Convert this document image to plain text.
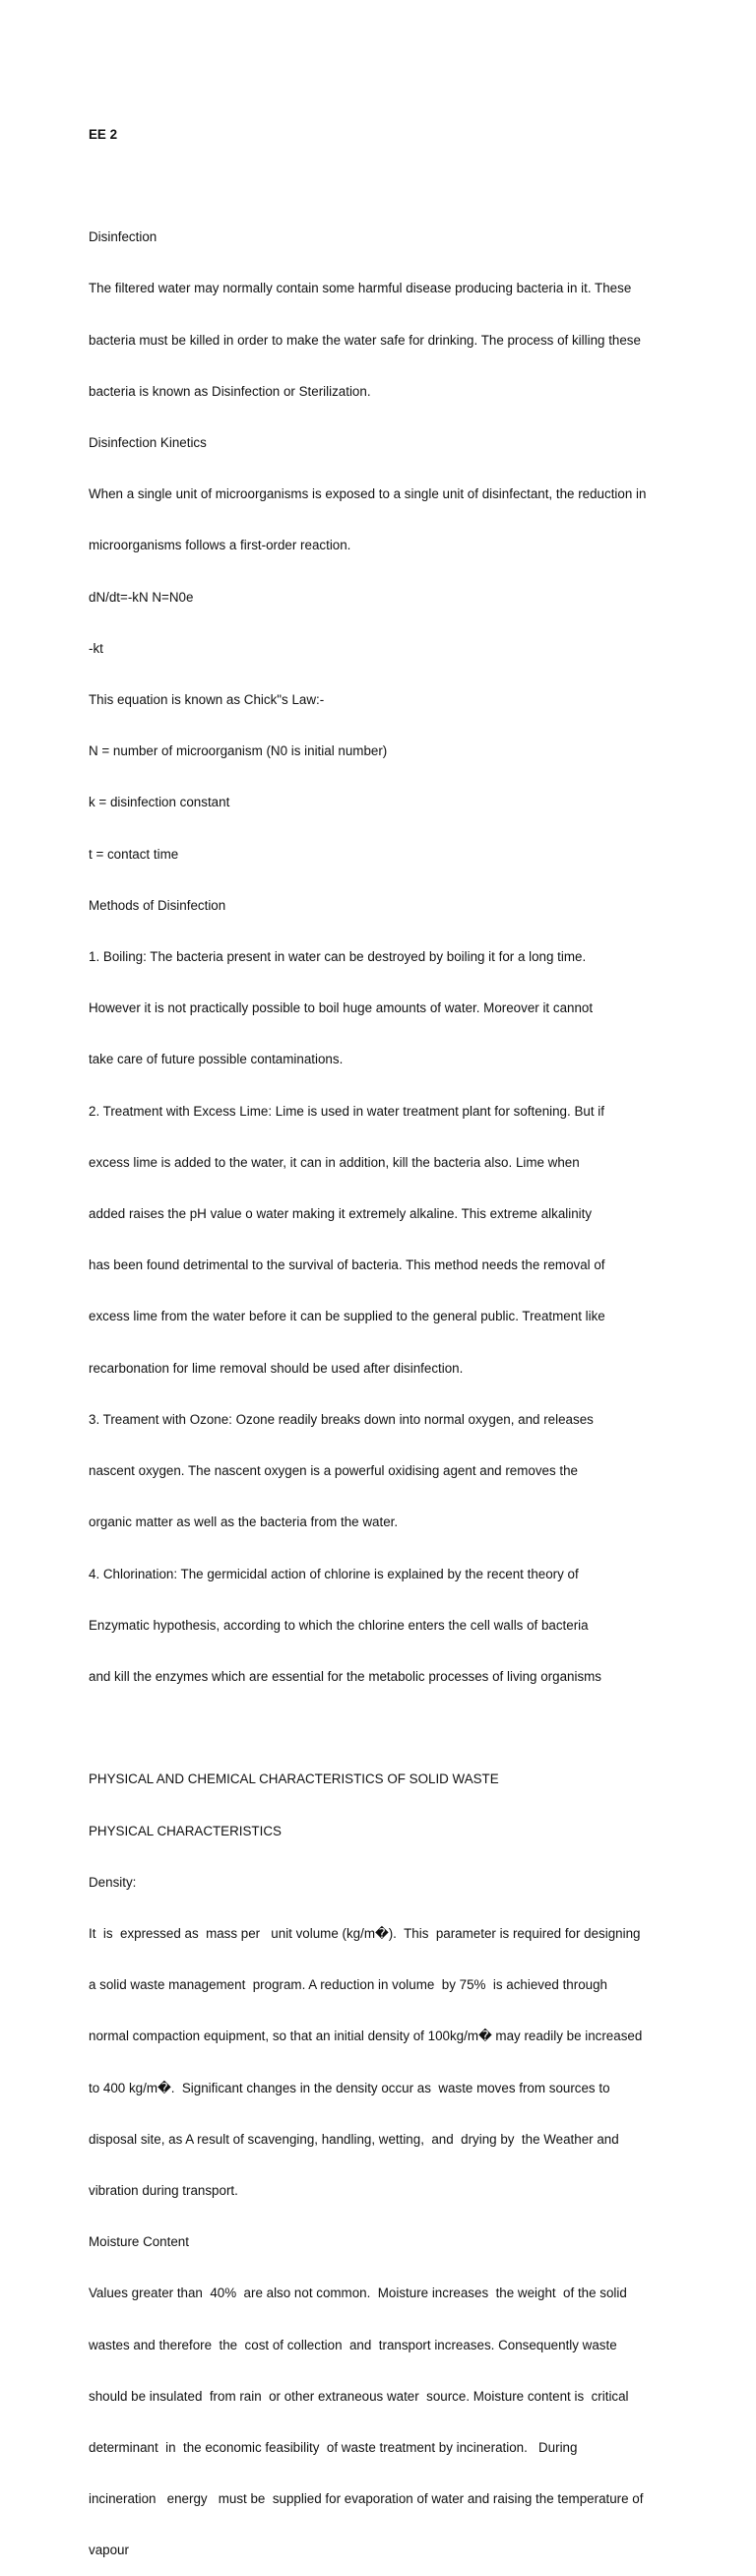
EE 2

Disinfection

The filtered water may normally contain some harmful disease producing bacteria in it. These

bacteria must be killed in order to make the water safe for drinking. The process of killing these

bacteria is known as Disinfection or Sterilization.

Disinfection Kinetics

When a single unit of microorganisms is exposed to a single unit of disinfectant, the reduction in

microorganisms follows a first-order reaction.

dN/dt=-kN N=N0e

-kt

This equation is known as Chick"s Law:-

N = number of microorganism (N0 is initial number)

k = disinfection constant

t = contact time

Methods of Disinfection

1. Boiling: The bacteria present in water can be destroyed by boiling it for a long time.

However it is not practically possible to boil huge amounts of water. Moreover it cannot

take care of future possible contaminations.

2. Treatment with Excess Lime: Lime is used in water treatment plant for softening. But if

excess lime is added to the water, it can in addition, kill the bacteria also. Lime when

added raises the pH value o water making it extremely alkaline. This extreme alkalinity

has been found detrimental to the survival of bacteria. This method needs the removal of

excess lime from the water before it can be supplied to the general public. Treatment like

recarbonation for lime removal should be used after disinfection.

3. Treament with Ozone: Ozone readily breaks down into normal oxygen, and releases

nascent oxygen. The nascent oxygen is a powerful oxidising agent and removes the

organic matter as well as the bacteria from the water.

4. Chlorination: The germicidal action of chlorine is explained by the recent theory of

Enzymatic hypothesis, according to which the chlorine enters the cell walls of bacteria

and kill the enzymes which are essential for the metabolic processes of living organisms

PHYSICAL AND CHEMICAL CHARACTERISTICS OF SOLID WASTE

PHYSICAL CHARACTERISTICS

Density:

It  is  expressed as  mass per   unit volume (kg/m�).  This  parameter is required for designing

a solid waste management  program. A reduction in volume  by 75%  is achieved through

normal compaction equipment, so that an initial density of 100kg/m� may readily be increased

to 400 kg/m�.  Significant changes in the density occur as  waste moves from sources to

disposal site, as A result of scavenging, handling, wetting,  and  drying by  the Weather and

vibration during transport.

Moisture Content

Values greater than  40%  are also not common.  Moisture increases  the weight  of the solid

wastes and therefore  the  cost of collection  and  transport increases. Consequently waste

should be insulated  from rain  or other extraneous water  source. Moisture content is  critical

determinant  in  the economic feasibility  of waste treatment by incineration.   During

incineration   energy   must be  supplied for evaporation of water and raising the temperature of

vapour
